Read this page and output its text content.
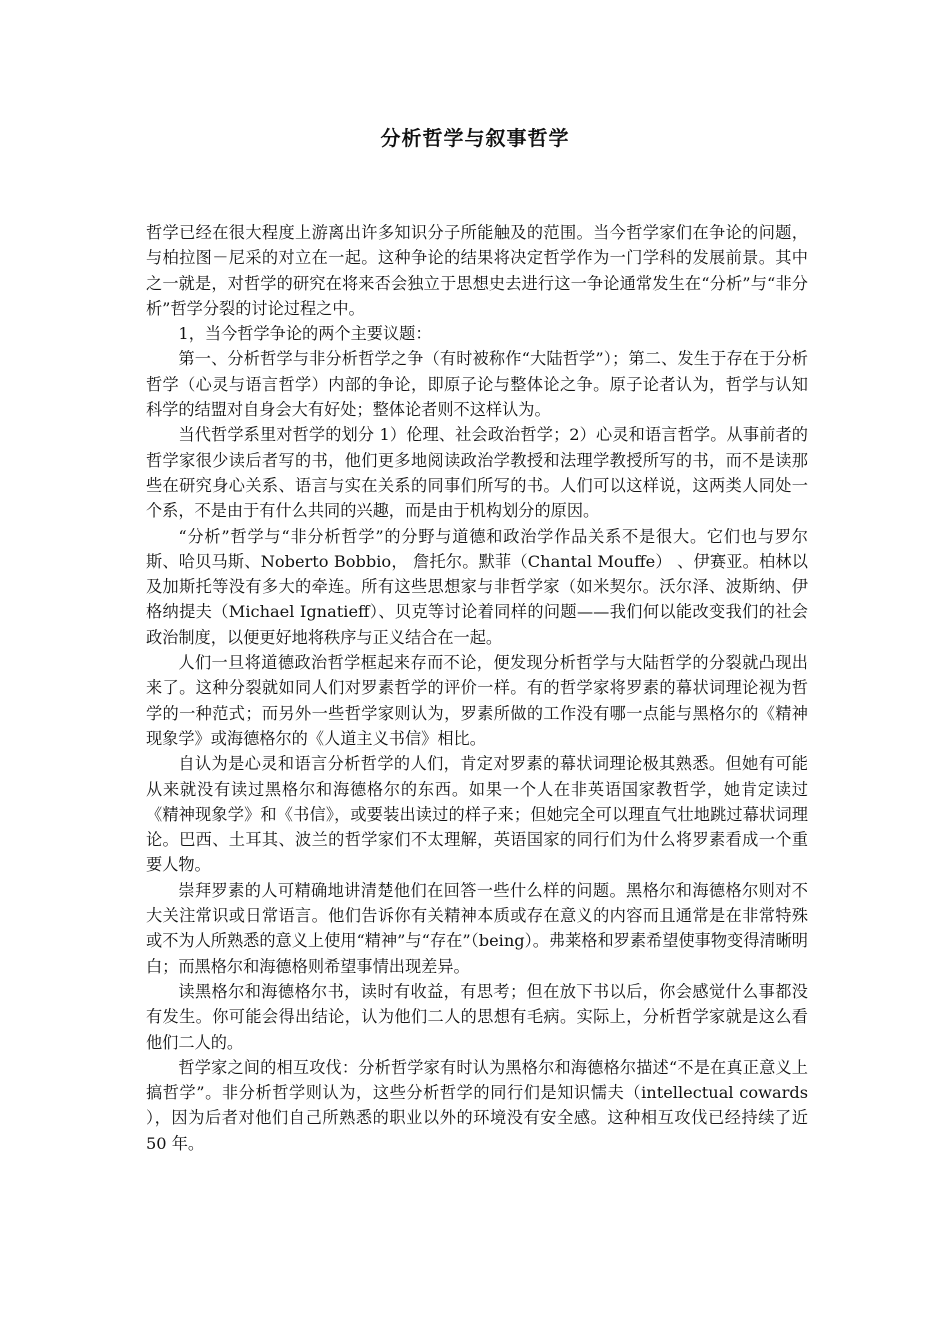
分析哲学与叙事哲学

哲学已经在很大程度上游离出许多知识分子所能触及的范围。当今哲学家们在争论的问题，与柏拉图－尼采的对立在一起。这种争论的结果将决定哲学作为一门学科的发展前景。其中之一就是，对哲学的研究在将来否会独立于思想史去进行这一争论通常发生在“分析”与“非分析”哲学分裂的讨论过程之中。

1，当今哲学争论的两个主要议题：

第一、分析哲学与非分析哲学之争（有时被称作“大陆哲学”）；第二、发生于存在于分析哲学（心灵与语言哲学）内部的争论，即原子论与整体论之争。原子论者认为，哲学与认知科学的结盟对自身会大有好处；整体论者则不这样认为。

当代哲学系里对哲学的划分 1）伦理、社会政治哲学；2）心灵和语言哲学。从事前者的哲学家很少读后者写的书，他们更多地阅读政治学教授和法理学教授所写的书，而不是读那些在研究身心关系、语言与实在关系的同事们所写的书。人们可以这样说，这两类人同处一个系，不是由于有什么共同的兴趣，而是由于机构划分的原因。

“分析”哲学与“非分析哲学”的分野与道德和政治学作品关系不是很大。它们也与罗尔斯、哈贝马斯、Noberto Bobbio， 詹托尔。默菲（Chantal Mouffe） 、伊赛亚。柏林以及加斯托等没有多大的牵连。所有这些思想家与非哲学家（如米契尔。沃尔泽、波斯纳、伊格纳提夫（Michael Ignatieff）、贝克等讨论着同样的问题——我们何以能改变我们的社会政治制度，以便更好地将秩序与正义结合在一起。

人们一旦将道德政治哲学框起来存而不论，便发现分析哲学与大陆哲学的分裂就凸现出来了。这种分裂就如同人们对罗素哲学的评价一样。有的哲学家将罗素的幕状词理论视为哲学的一种范式；而另外一些哲学家则认为，罗素所做的工作没有哪一点能与黑格尔的《精神现象学》或海德格尔的《人道主义书信》相比。

自认为是心灵和语言分析哲学的人们，肯定对罗素的幕状词理论极其熟悉。但她有可能从来就没有读过黑格尔和海德格尔的东西。如果一个人在非英语国家教哲学，她肯定读过《精神现象学》和《书信》，或要装出读过的样子来；但她完全可以理直气壮地跳过幕状词理论。巴西、土耳其、波兰的哲学家们不太理解，英语国家的同行们为什么将罗素看成一个重要人物。

崇拜罗素的人可精确地讲清楚他们在回答一些什么样的问题。黑格尔和海德格尔则对不大关注常识或日常语言。他们告诉你有关精神本质或存在意义的内容而且通常是在非常特殊或不为人所熟悉的意义上使用“精神”与“存在”（being）。弗莱格和罗素希望使事物变得清晰明白；而黑格尔和海德格则希望事情出现差异。

读黑格尔和海德格尔书，读时有收益，有思考；但在放下书以后，你会感觉什么事都没有发生。你可能会得出结论，认为他们二人的思想有毛病。实际上，分析哲学家就是这么看他们二人的。

哲学家之间的相互攻伐：分析哲学家有时认为黑格尔和海德格尔描述“不是在真正意义上搞哲学”。非分析哲学则认为，这些分析哲学的同行们是知识懦夫（intellectual cowards ），因为后者对他们自己所熟悉的职业以外的环境没有安全感。这种相互攻伐已经持续了近 50 年。
